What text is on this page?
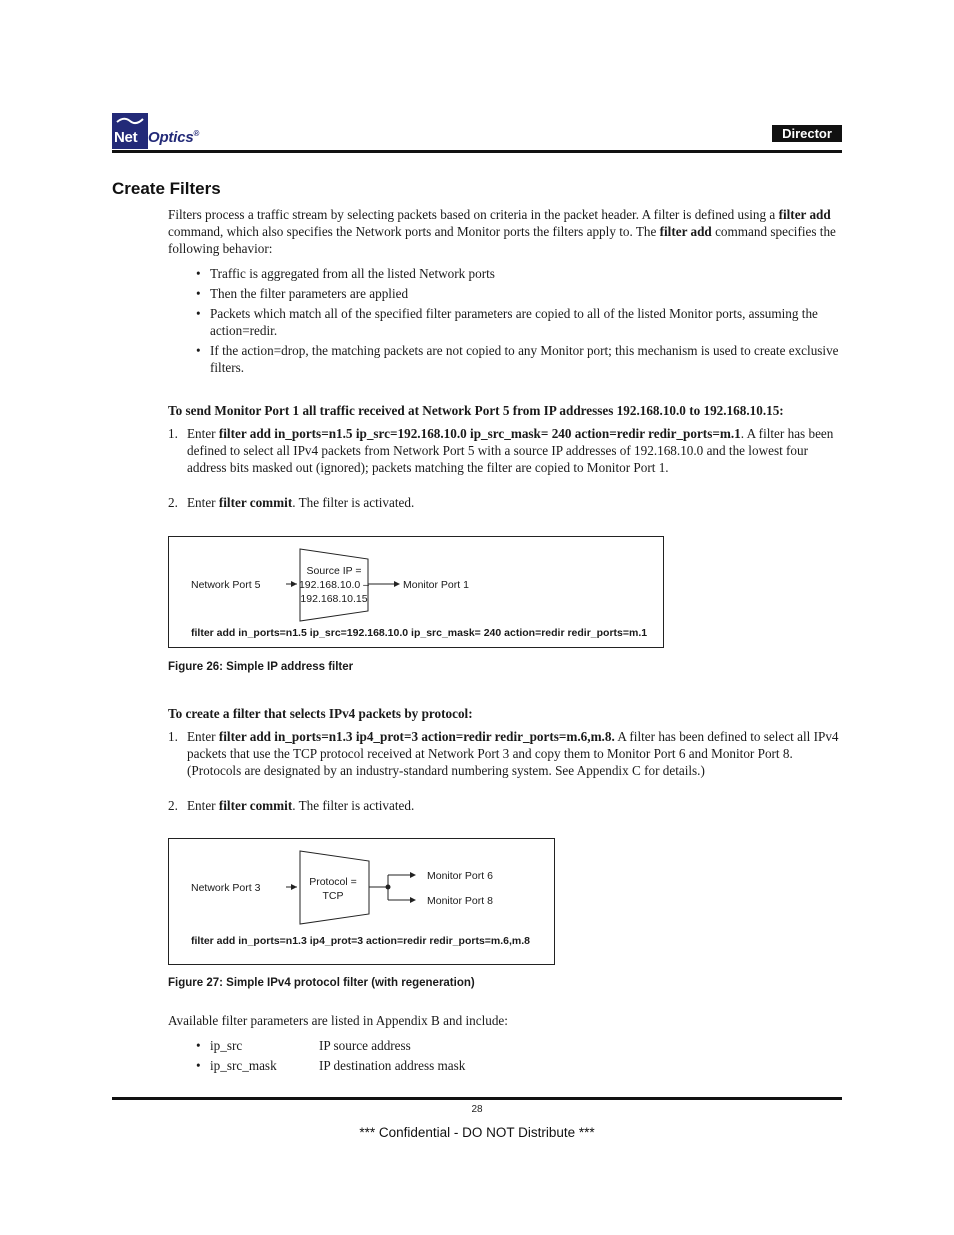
Net Optics®	Director
Create Filters

Filters process a traffic stream by selecting packets based on criteria in the packet header. A filter is defined using a filter add command, which also specifies the Network ports and Monitor ports the filters apply to. The filter add command specifies the following behavior:

• Traffic is aggregated from all the listed Network ports
• Then the filter parameters are applied
• Packets which match all of the specified filter parameters are copied to all of the listed Monitor ports, assuming the action=redir.
• If the action=drop, the matching packets are not copied to any Monitor port; this mechanism is used to create exclusive filters.

To send Monitor Port 1 all traffic received at Network Port 5 from IP addresses 192.168.10.0 to 192.168.10.15:

1. Enter filter add in_ports=n1.5 ip_src=192.168.10.0 ip_src_mask= 240 action=redir redir_ports=m.1. A filter has been defined to select all IPv4 packets from Network Port 5 with a source IP addresses of 192.168.10.0 and the lowest four address bits masked out (ignored); packets matching the filter are copied to Monitor Port 1.
2. Enter filter commit. The filter is activated.
Network Port 5
Source IP =
192.168.10.0 –
192.168.10.15
Monitor Port 1
filter add in_ports=n1.5 ip_src=192.168.10.0 ip_src_mask= 240 action=redir redir_ports=m.1
Figure 26: Simple IP address filter

To create a filter that selects IPv4 packets by protocol:

1. Enter filter add in_ports=n1.3 ip4_prot=3 action=redir redir_ports=m.6,m.8. A filter has been defined to select all IPv4 packets that use the TCP protocol received at Network Port 3 and copy them to Monitor Port 6 and Monitor Port 8. (Protocols are designated by an industry-standard numbering system. See Appendix C for details.)
2. Enter filter commit. The filter is activated.
Network Port 3	Protocol =
TCP
Monitor Port 6
Monitor Port 8
filter add in_ports=n1.3 ip4_prot=3 action=redir redir_ports=m.6,m.8
Figure 27: Simple IPv4 protocol filter (with regeneration)

Available filter parameters are listed in Appendix B and include:

• ip_src	IP source address
• ip_src_mask	IP destination address mask
28
*** Confidential - DO NOT Distribute ***
